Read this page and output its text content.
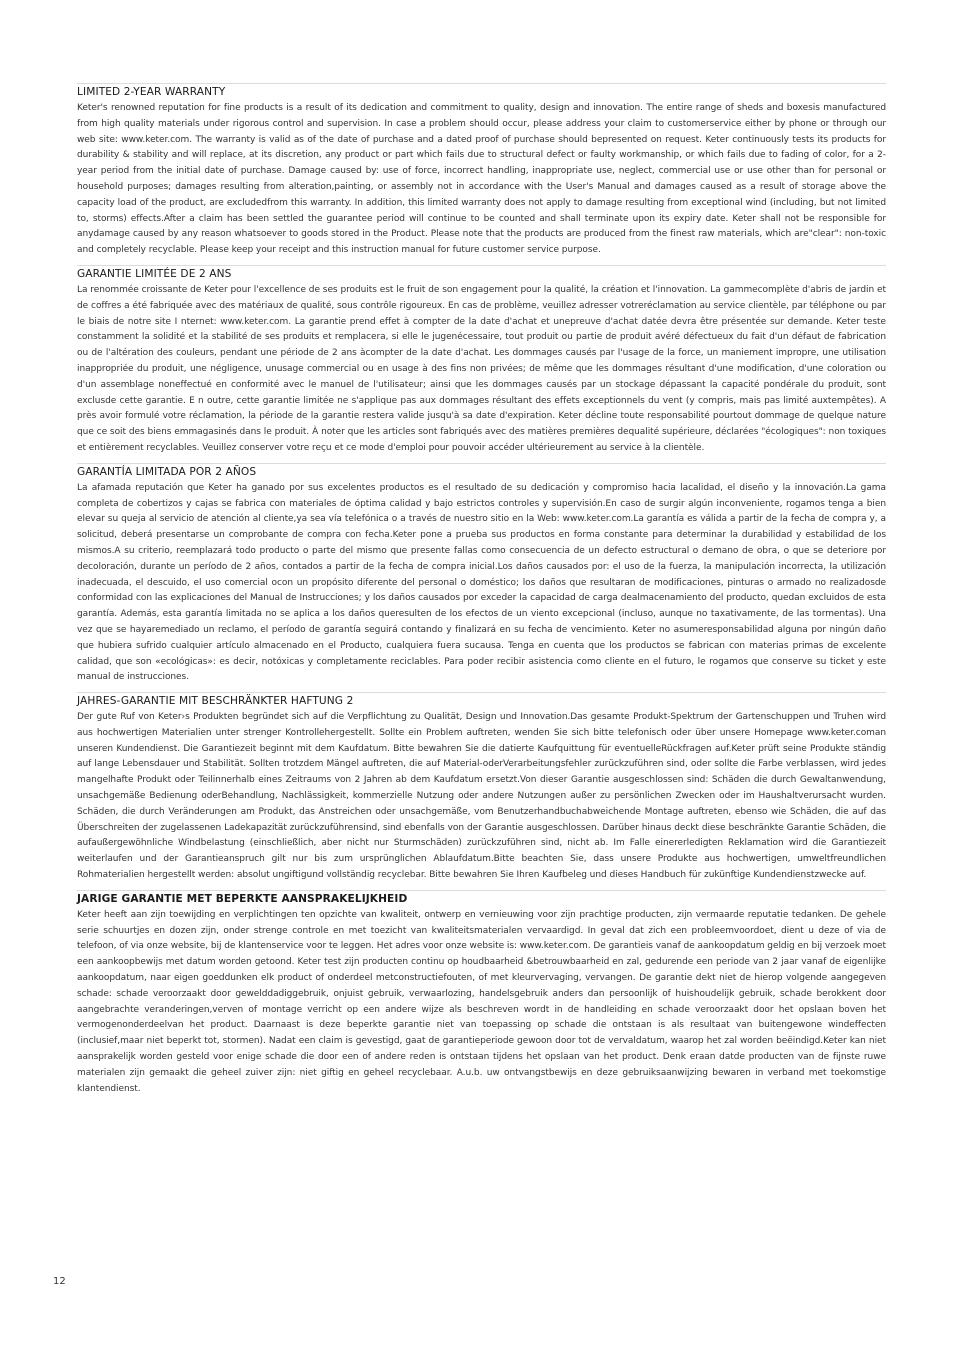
LIMITED 2-YEAR WARRANTY

Keter's renowned reputation for fine products is a result of its dedication and commitment to quality, design and innovation. The entire range of sheds and boxesis manufactured from high quality materials under rigorous control and supervision. In case a problem should occur, please address your claim to customerservice either by phone or through our web site: www.keter.com. The warranty is valid as of the date of purchase and a dated proof of purchase should bepresented on request. Keter continuously tests its products for durability & stability and will replace, at its discretion, any product or part which fails due to structural defect or faulty workmanship, or which fails due to fading of color, for a 2-year period from the initial date of purchase. Damage caused by: use of force, incorrect handling, inappropriate use, neglect, commercial use or use other than for personal or household purposes; damages resulting from alteration,painting, or assembly not in accordance with the User's Manual and damages caused as a result of storage above the capacity load of the product, are excludedfrom this warranty. In addition, this limited warranty does not apply to damage resulting from exceptional wind (including, but not limited to, storms) effects.After a claim has been settled the guarantee period will continue to be counted and shall terminate upon its expiry date. Keter shall not be responsible for anydamage caused by any reason whatsoever to goods stored in the Product. Please note that the products are produced from the finest raw materials, which are"clear": non-toxic and completely recyclable. Please keep your receipt and this instruction manual for future customer service purpose.

GARANTIE LIMITÉE DE 2 ANS

La renommée croissante de Keter pour l'excellence de ses produits est le fruit de son engagement pour la qualité, la création et l'innovation. La gammecomplète d'abris de jardin et de coffres a été fabriquée avec des matériaux de qualité, sous contrôle rigoureux. En cas de problème, veuillez adresser votreréclamation au service clientèle, par téléphone ou par le biais de notre site I nternet: www.keter.com. La garantie prend effet à compter de la date d'achat et unepreuve d'achat datée devra être présentée sur demande. Keter teste constamment la solidité et la stabilité de ses produits et remplacera, si elle le jugenécessaire, tout produit ou partie de produit avéré défectueux du fait d'un défaut de fabrication ou de l'altération des couleurs, pendant une période de 2 ans àcompter de la date d'achat. Les dommages causés par l'usage de la force, un maniement impropre, une utilisation inappropriée du produit, une négligence, unusage commercial ou en usage à des fins non privées; de même que les dommages résultant d'une modification, d'une coloration ou d'un assemblage noneffectué en conformité avec le manuel de l'utilisateur; ainsi que les dommages causés par un stockage dépassant la capacité pondérale du produit, sont exclusde cette garantie. E n outre, cette garantie limitée ne s'applique pas aux dommages résultant des effets exceptionnels du vent (y compris, mais pas limité auxtempêtes). A près avoir formulé votre réclamation, la période de la garantie restera valide jusqu'à sa date d'expiration. Keter décline toute responsabilité pourtout dommage de quelque nature que ce soit des biens emmagasinés dans le produit. À noter que les articles sont fabriqués avec des matières premières dequalité supérieure, déclarées "écologiques": non toxiques et entièrement recyclables. Veuillez conserver votre reçu et ce mode d'emploi pour pouvoir accéder ultérieurement au service à la clientèle.

GARANTÍA LIMITADA POR 2 AÑOS

La afamada reputación que Keter ha ganado por sus excelentes productos es el resultado de su dedicación y compromiso hacia lacalidad, el diseño y la innovación.La gama completa de cobertizos y cajas se fabrica con materiales de óptima calidad y bajo estrictos controles y supervisión.En caso de surgir algún inconveniente, rogamos tenga a bien elevar su queja al servicio de atención al cliente,ya sea vía telefónica o a través de nuestro sitio en la Web: www.keter.com.La garantía es válida a partir de la fecha de compra y, a solicitud, deberá presentarse un comprobante de compra con fecha.Keter pone a prueba sus productos en forma constante para determinar la durabilidad y estabilidad de los mismos.A su criterio, reemplazará todo producto o parte del mismo que presente fallas como consecuencia de un defecto estructural o demano de obra, o que se deteriore por decoloración, durante un período de 2 años, contados a partir de la fecha de compra inicial.Los daños causados por: el uso de la fuerza, la manipulación incorrecta, la utilización inadecuada, el descuido, el uso comercial ocon un propósito diferente del personal o doméstico; los daños que resultaran de modificaciones, pinturas o armado no realizadosde conformidad con las explicaciones del Manual de Instrucciones; y los daños causados por exceder la capacidad de carga dealmacenamiento del producto, quedan excluidos de esta garantía. Además, esta garantía limitada no se aplica a los daños queresulten de los efectos de un viento excepcional (incluso, aunque no taxativamente, de las tormentas). Una vez que se hayaremediado un reclamo, el período de garantía seguirá contando y finalizará en su fecha de vencimiento. Keter no asumeresponsabilidad alguna por ningún daño que hubiera sufrido cualquier artículo almacenado en el Producto, cualquiera fuera sucausa. Tenga en cuenta que los productos se fabrican con materias primas de excelente calidad, que son «ecológicas»: es decir, notóxicas y completamente reciclables. Para poder recibir asistencia como cliente en el futuro, le rogamos que conserve su ticket y este manual de instrucciones.

JAHRES-GARANTIE MIT BESCHRÄNKTER HAFTUNG 2

Der gute Ruf von Keter›s Produkten begründet sich auf die Verpflichtung zu Qualität, Design und Innovation.Das gesamte Produkt-Spektrum der Gartenschuppen und Truhen wird aus hochwertigen Materialien unter strenger Kontrollehergestellt. Sollte ein Problem auftreten, wenden Sie sich bitte telefonisch oder über unsere Homepage www.keter.coman unseren Kundendienst. Die Garantiezeit beginnt mit dem Kaufdatum. Bitte bewahren Sie die datierte Kaufquittung für eventuelleRückfragen auf.Keter prüft seine Produkte ständig auf lange Lebensdauer und Stabilität. Sollten trotzdem Mängel auftreten, die auf Material-oderVerarbeitungsfehler zurückzuführen sind, oder sollte die Farbe verblassen, wird jedes mangelhafte Produkt oder Teilinnerhalb eines Zeitraums von 2 Jahren ab dem Kaufdatum ersetzt.Von dieser Garantie ausgeschlossen sind: Schäden die durch Gewaltanwendung, unsachgemäße Bedienung oderBehandlung, Nachlässigkeit, kommerzielle Nutzung oder andere Nutzungen außer zu persönlichen Zwecken oder im Haushaltverursacht wurden. Schäden, die durch Veränderungen am Produkt, das Anstreichen oder unsachgemäße, vom Benutzerhandbuchabweichende Montage auftreten, ebenso wie Schäden, die auf das Überschreiten der zugelassenen Ladekapazität zurückzuführensind, sind ebenfalls von der Garantie ausgeschlossen. Darüber hinaus deckt diese beschränkte Garantie Schäden, die aufaußergewöhnliche Windbelastung (einschließlich, aber nicht nur Sturmschäden) zurückzuführen sind, nicht ab. Im Falle einererledigten Reklamation wird die Garantiezeit weiterlaufen und der Garantieanspruch gilt nur bis zum ursprünglichen Ablaufdatum.Bitte beachten Sie, dass unsere Produkte aus hochwertigen, umweltfreundlichen Rohmaterialien hergestellt werden: absolut ungiftigund vollständig recyclebar. Bitte bewahren Sie Ihren Kaufbeleg und dieses Handbuch für zukünftige Kundendienstzwecke auf.

JARIGE GARANTIE MET BEPERKTE AANSPRAKELIJKHEID

Keter heeft aan zijn toewijding en verplichtingen ten opzichte van kwaliteit, ontwerp en vernieuwing voor zijn prachtige producten, zijn vermaarde reputatie tedanken. De gehele serie schuurtjes en dozen zijn, onder strenge controle en met toezicht van kwaliteitsmaterialen vervaardigd. In geval dat zich een probleemvoordoet, dient u deze of via de telefoon, of via onze website, bij de klantenservice voor te leggen. Het adres voor onze website is: www.keter.com. De garantieis vanaf de aankoopdatum geldig en bij verzoek moet een aankoopbewijs met datum worden getoond. Keter test zijn producten continu op houdbaarheid &betrouwbaarheid en zal, gedurende een periode van 2 jaar vanaf de eigenlijke aankoopdatum, naar eigen goeddunken elk product of onderdeel metconstructiefouten, of met kleurvervaging, vervangen. De garantie dekt niet de hierop volgende aangegeven schade: schade veroorzaakt door gewelddadiggebruik, onjuist gebruik, verwaarlozing, handelsgebruik anders dan persoonlijk of huishoudelijk gebruik, schade berokkent door aangebrachte veranderingen,verven of montage verricht op een andere wijze als beschreven wordt in de handleiding en schade veroorzaakt door het opslaan boven het vermogenonderdeelvan het product. Daarnaast is deze beperkte garantie niet van toepassing op schade die ontstaan is als resultaat van buitengewone windeffecten (inclusief,maar niet beperkt tot, stormen). Nadat een claim is gevestigd, gaat de garantieperiode gewoon door tot de vervaldatum, waarop het zal worden beëindigd.Keter kan niet aansprakelijk worden gesteld voor enige schade die door een of andere reden is ontstaan tijdens het opslaan van het product. Denk eraan datde producten van de fijnste ruwe materialen zijn gemaakt die geheel zuiver zijn: niet giftig en geheel recyclebaar. A.u.b. uw ontvangstbewijs en deze gebruiksaanwijzing bewaren in verband met toekomstige klantendienst.

12
